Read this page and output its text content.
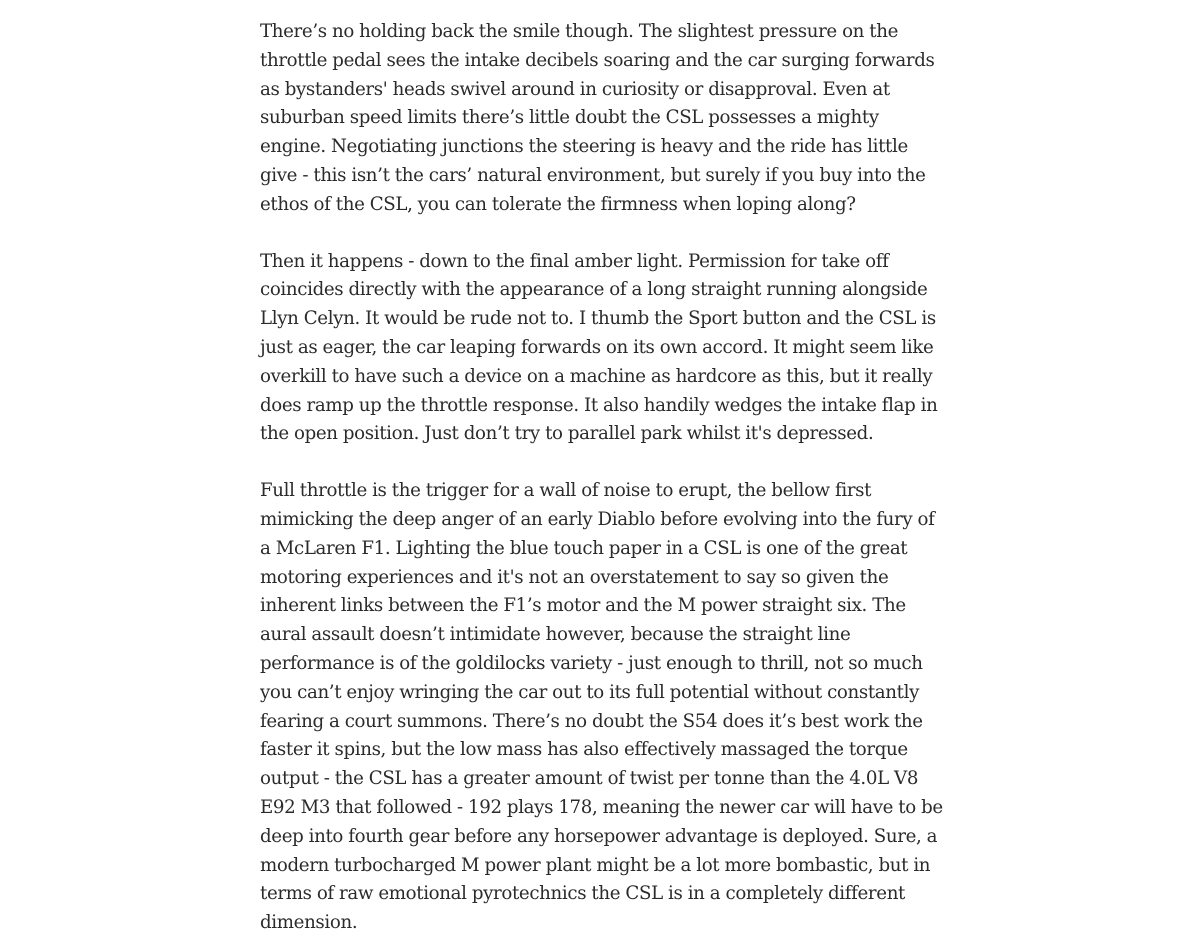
There’s no holding back the smile though. The slightest pressure on the throttle pedal sees the intake decibels soaring and the car surging forwards as bystanders' heads swivel around in curiosity or disapproval. Even at suburban speed limits there’s little doubt the CSL possesses a mighty engine. Negotiating junctions the steering is heavy and the ride has little give - this isn’t the cars’ natural environment, but surely if you buy into the ethos of the CSL, you can tolerate the firmness when loping along?

Then it happens - down to the final amber light. Permission for take off coincides directly with the appearance of a long straight running alongside Llyn Celyn. It would be rude not to. I thumb the Sport button and the CSL is just as eager, the car leaping forwards on its own accord. It might seem like overkill to have such a device on a machine as hardcore as this, but it really does ramp up the throttle response. It also handily wedges the intake flap in the open position. Just don’t try to parallel park whilst it's depressed.

Full throttle is the trigger for a wall of noise to erupt, the bellow first mimicking the deep anger of an early Diablo before evolving into the fury of a McLaren F1. Lighting the blue touch paper in a CSL is one of the great motoring experiences and it's not an overstatement to say so given the inherent links between the F1’s motor and the M power straight six. The aural assault doesn’t intimidate however, because the straight line performance is of the goldilocks variety - just enough to thrill, not so much you can’t enjoy wringing the car out to its full potential without constantly fearing a court summons. There’s no doubt the S54 does it’s best work the faster it spins, but the low mass has also effectively massaged the torque output - the CSL has a greater amount of twist per tonne than the 4.0L V8 E92 M3 that followed - 192 plays 178, meaning the newer car will have to be deep into fourth gear before any horsepower advantage is deployed. Sure, a modern turbocharged M power plant might be a lot more bombastic, but in terms of raw emotional pyrotechnics the CSL is in a completely different dimension.
